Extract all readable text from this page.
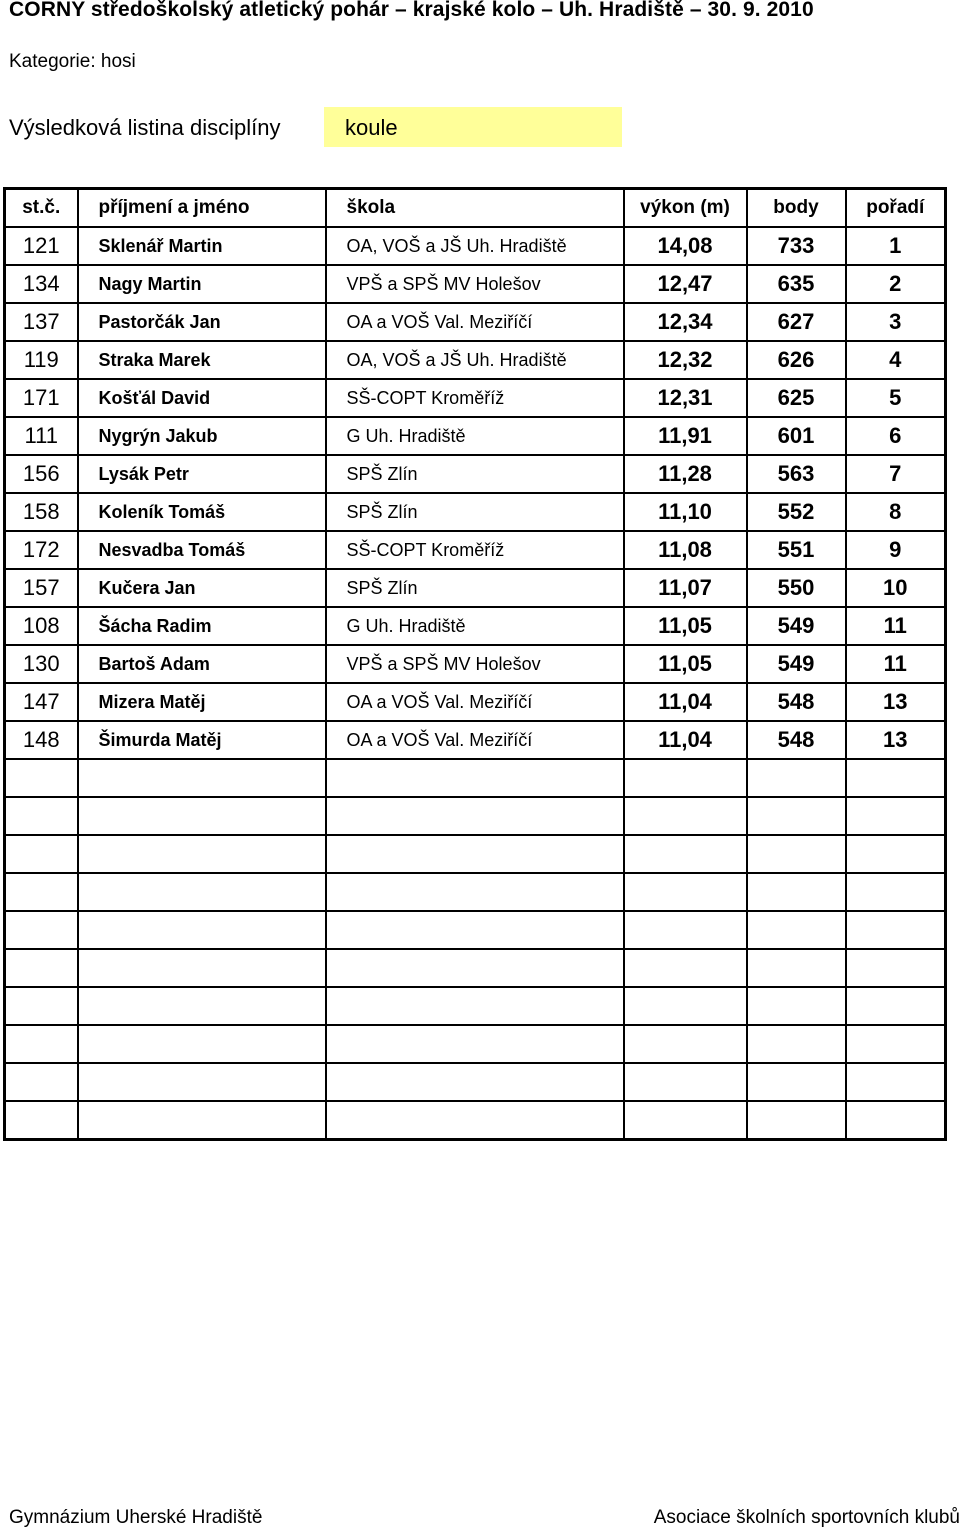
CORNY středoškolský atletický pohár – krajské kolo – Uh. Hradiště – 30. 9. 2010
Kategorie: hosi
Výsledková listina disciplíny	koule
st.č.	příjmení a jméno	škola	výkon (m)	body	pořadí
121	Sklenář Martin	OA, VOŠ a JŠ Uh. Hradiště	14,08	733	1
134	Nagy Martin	VPŠ a SPŠ MV Holešov	12,47	635	2
137	Pastorčák Jan	OA a VOŠ Val. Meziříčí	12,34	627	3
119	Straka Marek	OA, VOŠ a JŠ Uh. Hradiště	12,32	626	4
171	Košťál David	SŠ-COPT Kroměříž	12,31	625	5
111	Nygrýn Jakub	G Uh. Hradiště	11,91	601	6
156	Lysák Petr	SPŠ Zlín	11,28	563	7
158	Koleník Tomáš	SPŠ Zlín	11,10	552	8
172	Nesvadba Tomáš	SŠ-COPT Kroměříž	11,08	551	9
157	Kučera Jan	SPŠ Zlín	11,07	550	10
108	Šácha Radim	G Uh. Hradiště	11,05	549	11
130	Bartoš Adam	VPŠ a SPŠ MV Holešov	11,05	549	11
147	Mizera Matěj	OA a VOŠ Val. Meziříčí	11,04	548	13
148	Šimurda Matěj	OA a VOŠ Val. Meziříčí	11,04	548	13

Gymnázium Uherské Hradiště	Asociace školních sportovních klubů
